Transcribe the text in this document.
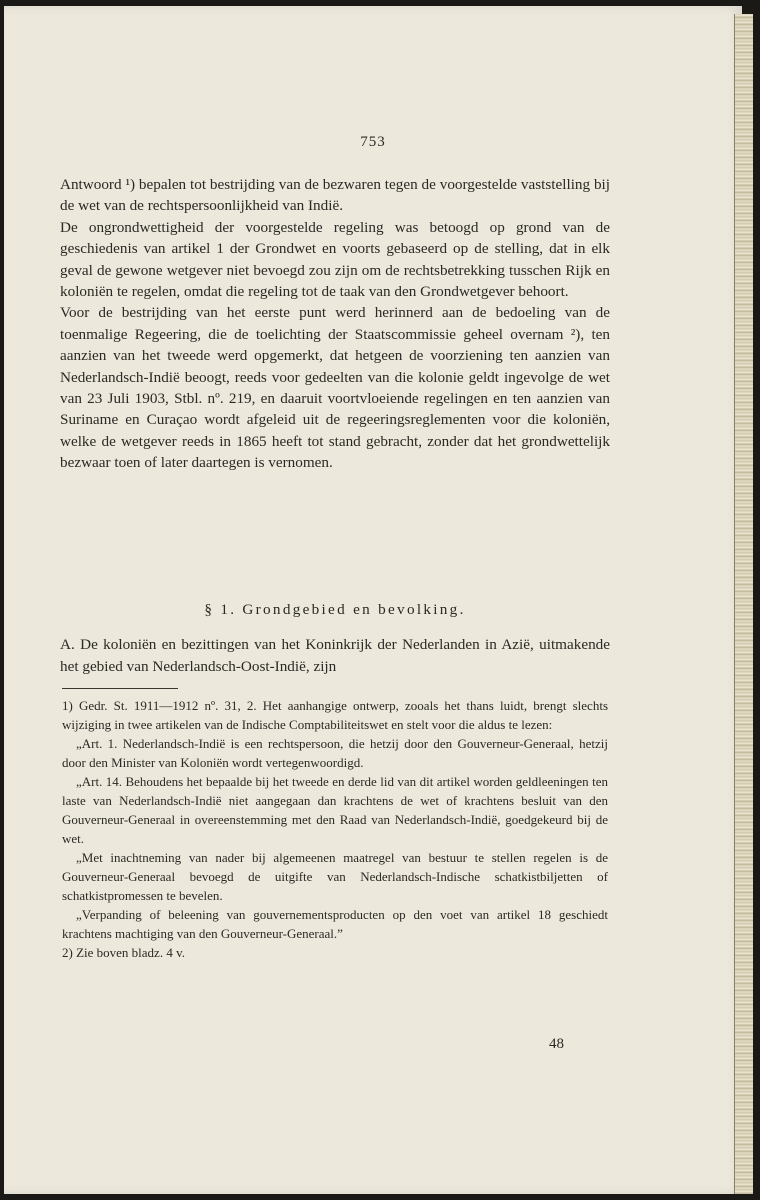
753

Antwoord ¹) bepalen tot bestrijding van de bezwaren tegen de voorgestelde vaststelling bij de wet van de rechtspersoonlijkheid van Indië.

De ongrondwettigheid der voorgestelde regeling was betoogd op grond van de geschiedenis van artikel 1 der Grondwet en voorts gebaseerd op de stelling, dat in elk geval de gewone wetgever niet bevoegd zou zijn om de rechtsbetrekking tusschen Rijk en koloniën te regelen, omdat die regeling tot de taak van den Grondwetgever behoort.

Voor de bestrijding van het eerste punt werd herinnerd aan de bedoeling van de toenmalige Regeering, die de toelichting der Staatscommissie geheel overnam ²), ten aanzien van het tweede werd opgemerkt, dat hetgeen de voorziening ten aanzien van Nederlandsch-Indië beoogt, reeds voor gedeelten van die kolonie geldt ingevolge de wet van 23 Juli 1903, Stbl. nº. 219, en daaruit voortvloeiende regelingen en ten aanzien van Suriname en Curaçao wordt afgeleid uit de regeeringsreglementen voor die koloniën, welke de wetgever reeds in 1865 heeft tot stand gebracht, zonder dat het grondwettelijk bezwaar toen of later daartegen is vernomen.

§ 1. Grondgebied en bevolking.

A. De koloniën en bezittingen van het Koninkrijk der Nederlanden in Azië, uitmakende het gebied van Nederlandsch-Oost-Indië, zijn

1) Gedr. St. 1911—1912 nº. 31, 2. Het aanhangige ontwerp, zooals het thans luidt, brengt slechts wijziging in twee artikelen van de Indische Comptabiliteitswet en stelt voor die aldus te lezen:

„Art. 1. Nederlandsch-Indië is een rechtspersoon, die hetzij door den Gouverneur-Generaal, hetzij door den Minister van Koloniën wordt vertegenwoordigd.

„Art. 14. Behoudens het bepaalde bij het tweede en derde lid van dit artikel worden geldleeningen ten laste van Nederlandsch-Indië niet aangegaan dan krachtens de wet of krachtens besluit van den Gouverneur-Generaal in overeenstemming met den Raad van Nederlandsch-Indië, goedgekeurd bij de wet.

„Met inachtneming van nader bij algemeenen maatregel van bestuur te stellen regelen is de Gouverneur-Generaal bevoegd de uitgifte van Nederlandsch-Indische schatkistbiljetten of schatkistpromessen te bevelen.

„Verpanding of beleening van gouvernementsproducten op den voet van artikel 18 geschiedt krachtens machtiging van den Gouverneur-Generaal.”

2) Zie boven bladz. 4 v.

48
